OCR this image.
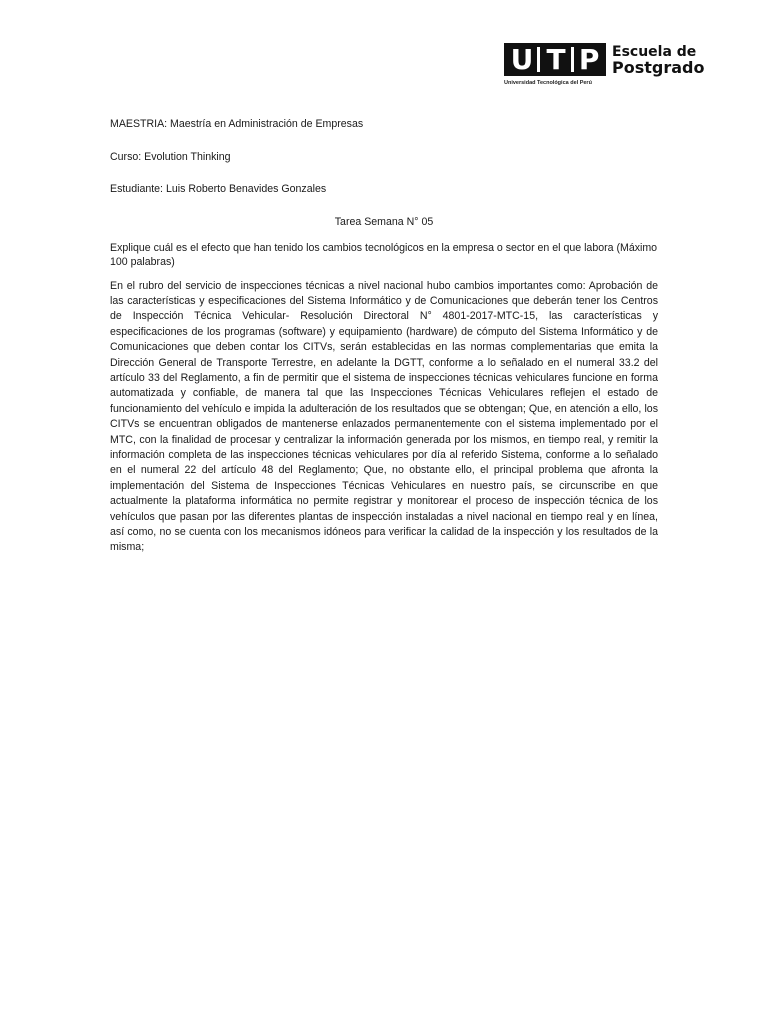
U T P
Universidad Tecnológica del Perú
Escuela de
Postgrado

MAESTRIA: Maestría en Administración de Empresas

Curso: Evolution Thinking

Estudiante: Luis Roberto Benavides Gonzales

Tarea Semana N° 05

Explique cuál es el efecto que han tenido los cambios tecnológicos en la empresa o sector en el que labora (Máximo 100 palabras)

En el rubro del servicio de inspecciones técnicas a nivel nacional hubo cambios importantes como: Aprobación de las características y especificaciones del Sistema Informático y de Comunicaciones que deberán tener los Centros de Inspección Técnica Vehicular- Resolución Directoral N° 4801-2017-MTC-15, las características y especificaciones de los programas (software) y equipamiento (hardware) de cómputo del Sistema Informático y de Comunicaciones que deben contar los CITVs, serán establecidas en las normas complementarias que emita la Dirección General de Transporte Terrestre, en adelante la DGTT, conforme a lo señalado en el numeral 33.2 del artículo 33 del Reglamento, a fin de permitir que el sistema de inspecciones técnicas vehiculares funcione en forma automatizada y confiable, de manera tal que las Inspecciones Técnicas Vehiculares reflejen el estado de funcionamiento del vehículo e impida la adulteración de los resultados que se obtengan; Que, en atención a ello, los CITVs se encuentran obligados de mantenerse enlazados permanentemente con el sistema implementado por el MTC, con la finalidad de procesar y centralizar la información generada por los mismos, en tiempo real, y remitir la información completa de las inspecciones técnicas vehiculares por día al referido Sistema, conforme a lo señalado en el numeral 22 del artículo 48 del Reglamento; Que, no obstante ello, el principal problema que afronta la implementación del Sistema de Inspecciones Técnicas Vehiculares en nuestro país, se circunscribe en que actualmente la plataforma informática no permite registrar y monitorear el proceso de inspección técnica de los vehículos que pasan por las diferentes plantas de inspección instaladas a nivel nacional en tiempo real y en línea, así como, no se cuenta con los mecanismos idóneos para verificar la calidad de la inspección y los resultados de la misma;
